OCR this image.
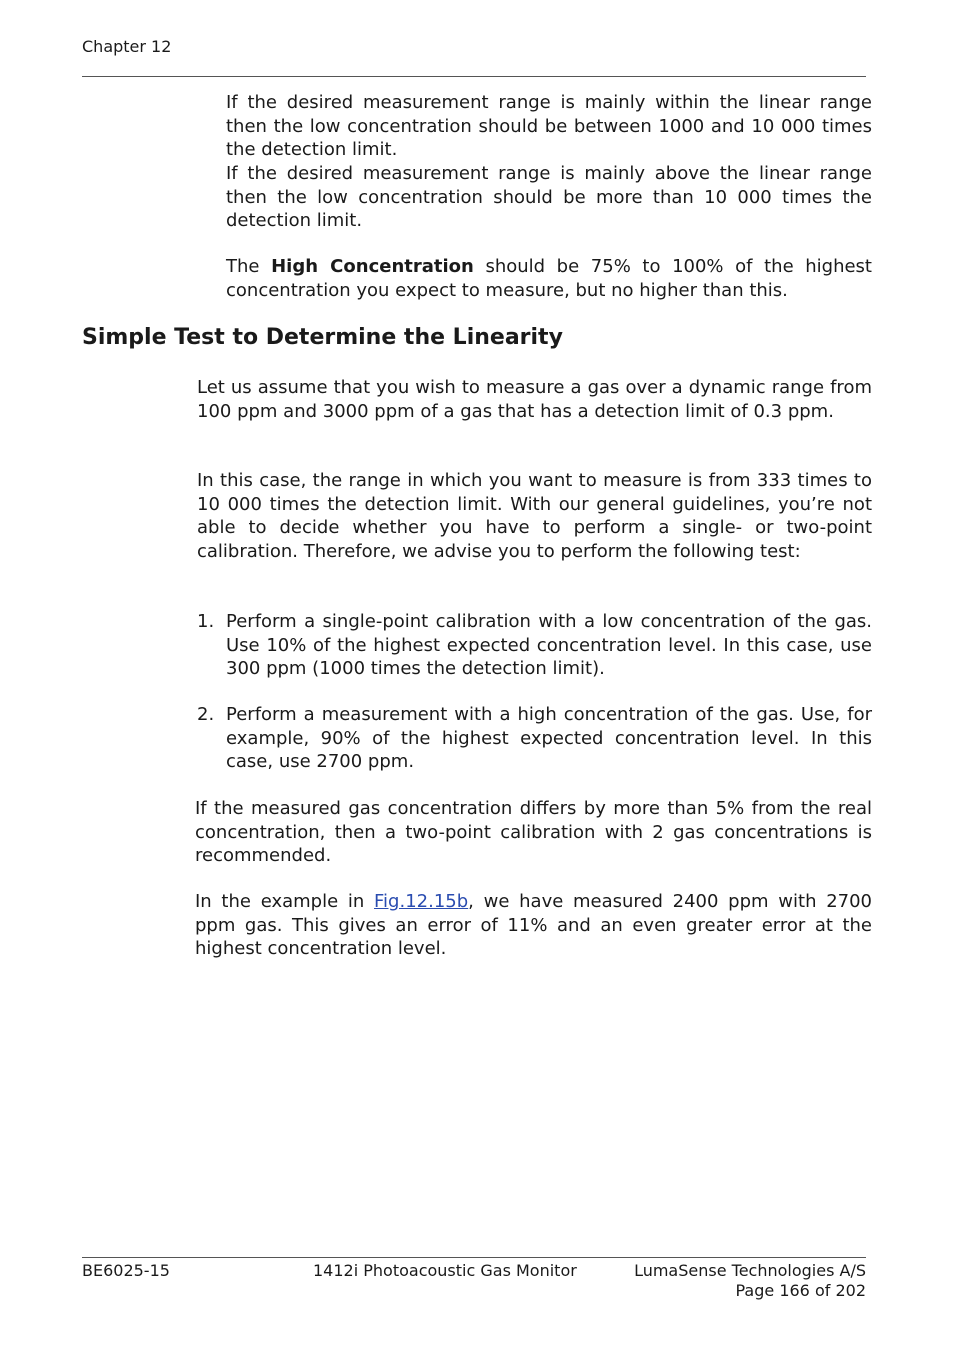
Chapter 12

If the desired measurement range is mainly within the linear range then the low concentration should be between 1000 and 10 000 times the detection limit.

If the desired measurement range is mainly above the linear range then the low concentration should be more than 10 000 times the detection limit.

The High Concentration should be 75% to 100% of the highest concentration you expect to measure, but no higher than this.

Simple Test to Determine the Linearity

Let us assume that you wish to measure a gas over a dynamic range from 100 ppm and 3000 ppm of a gas that has a detection limit of 0.3 ppm.

In this case, the range in which you want to measure is from 333 times to 10 000 times the detection limit. With our general guidelines, you’re not able to decide whether you have to perform a single- or two-point calibration. Therefore, we advise you to perform the following test:

1. Perform a single-point calibration with a low concentration of the gas. Use 10% of the highest expected concentration level. In this case, use 300 ppm (1000 times the detection limit).
2. Perform a measurement with a high concentration of the gas. Use, for example, 90% of the highest expected concentration level. In this case, use 2700 ppm.

If the measured gas concentration differs by more than 5% from the real concentration, then a two-point calibration with 2 gas concentrations is recommended.

In the example in Fig.12.15b, we have measured 2400 ppm with 2700 ppm gas. This gives an error of 11% and an even greater error at the highest concentration level.

BE6025-15	1412i Photoacoustic Gas Monitor	LumaSense Technologies A/S
Page 166 of 202
